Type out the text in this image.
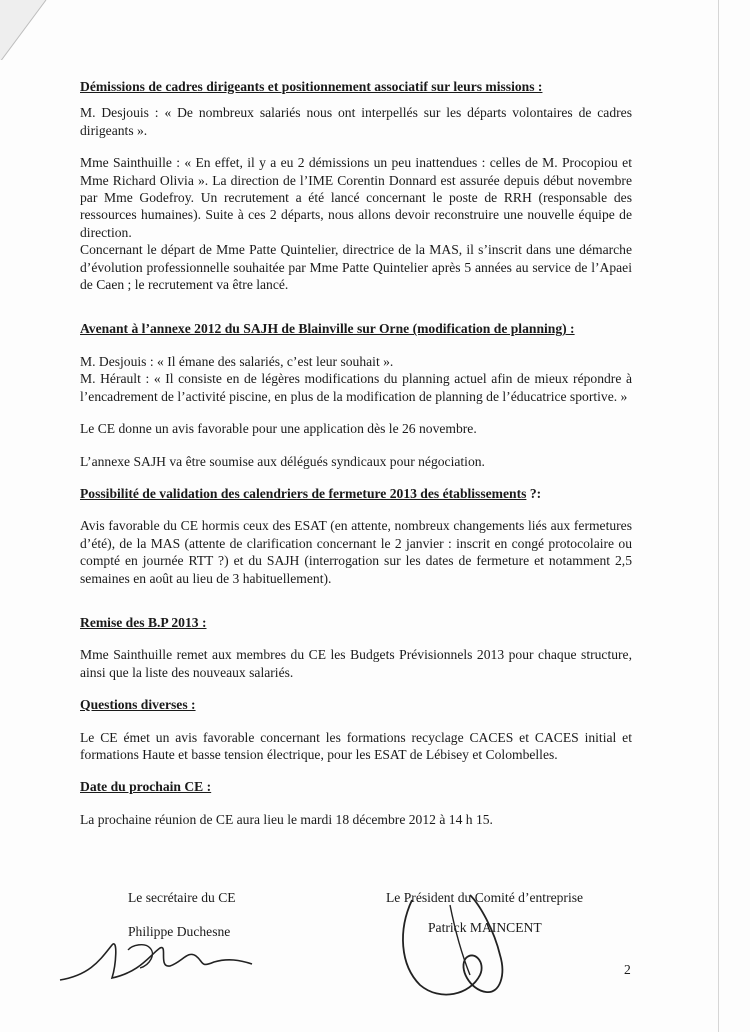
Démissions de cadres dirigeants et positionnement associatif sur leurs missions :

M. Desjouis : « De nombreux salariés nous ont interpellés sur les départs volontaires de cadres dirigeants ».

Mme Sainthuille : « En effet, il y a eu 2 démissions un peu inattendues : celles de M. Procopiou et Mme Richard Olivia ». La direction de l’IME Corentin Donnard est assurée depuis début novembre par Mme Godefroy. Un recrutement a été lancé concernant le poste de RRH (responsable des ressources humaines). Suite à ces 2 départs, nous allons devoir reconstruire une nouvelle équipe de direction.

Concernant le départ de Mme Patte Quintelier, directrice de la MAS, il s’inscrit dans une démarche d’évolution professionnelle souhaitée par Mme Patte Quintelier après 5 années au service de l’Apaei de Caen ; le recrutement va être lancé.

Avenant à l’annexe 2012 du SAJH de Blainville sur Orne (modification de planning) :

M. Desjouis : « Il émane des salariés, c’est leur souhait ».

M. Hérault : « Il consiste en de légères modifications du planning actuel afin de mieux répondre à l’encadrement de l’activité piscine, en plus de la modification de planning de l’éducatrice sportive. »

Le CE donne un avis favorable pour une application dès le 26 novembre.

L’annexe SAJH va être soumise aux délégués syndicaux pour négociation.

Possibilité de validation des calendriers de fermeture 2013 des établissements ?:

Avis favorable du CE hormis ceux des ESAT (en attente, nombreux changements liés aux fermetures d’été), de la MAS (attente de clarification concernant le 2 janvier : inscrit en congé protocolaire ou compté en journée RTT ?) et du SAJH (interrogation sur les dates de fermeture et notamment 2,5 semaines en août au lieu de 3 habituellement).

Remise des B.P 2013 :

Mme Sainthuille remet aux membres du CE les Budgets Prévisionnels 2013 pour chaque structure, ainsi que la liste des nouveaux salariés.

Questions diverses :

Le CE émet un avis favorable concernant les formations recyclage CACES et CACES initial et formations Haute et basse tension électrique, pour les ESAT de Lébisey et Colombelles.

Date du prochain CE :

La prochaine réunion de CE aura lieu le mardi 18 décembre 2012 à 14 h 15.

Le secrétaire du CE
Philippe Duchesne
Le Président du Comité d’entreprise
Patrick MAINCENT
2
